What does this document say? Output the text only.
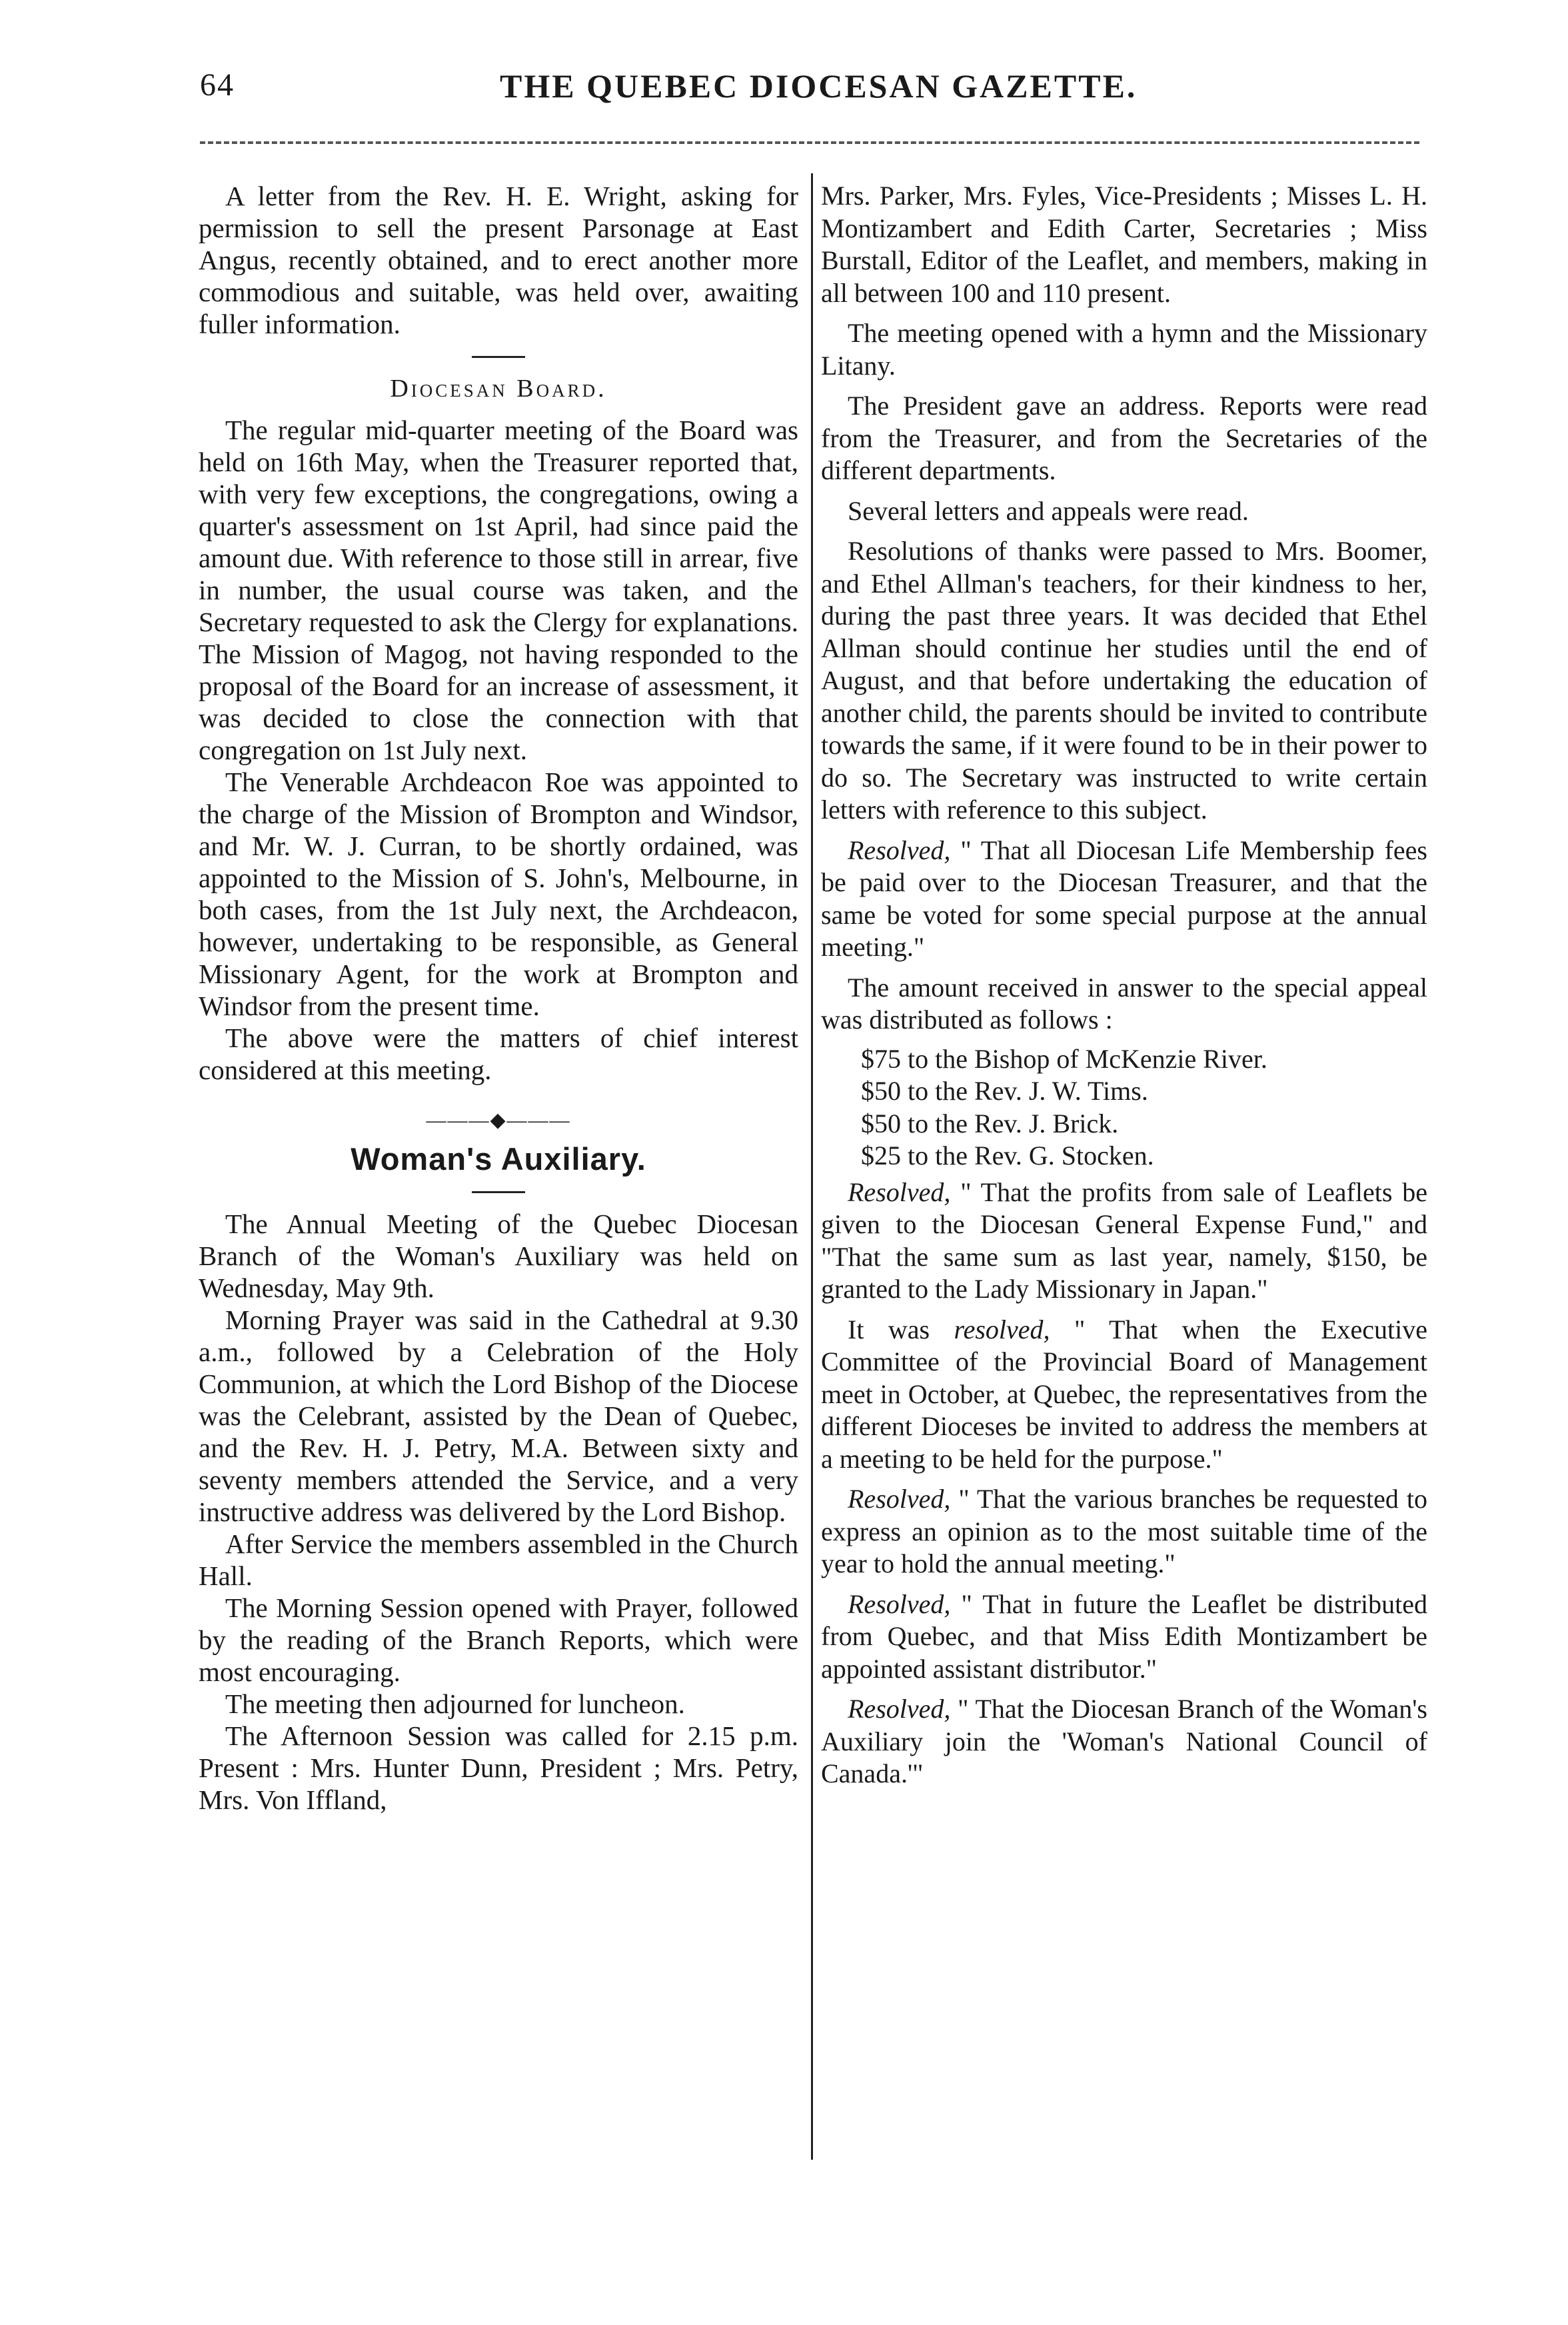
64	THE QUEBEC DIOCESAN GAZETTE.

A letter from the Rev. H. E. Wright, asking for permission to sell the present Parsonage at East Angus, recently obtained, and to erect another more commodious and suitable, was held over, awaiting fuller information.

Diocesan Board.

The regular mid-quarter meeting of the Board was held on 16th May, when the Treasurer reported that, with very few exceptions, the congregations, owing a quarter's assessment on 1st April, had since paid the amount due. With reference to those still in arrear, five in number, the usual course was taken, and the Secretary requested to ask the Clergy for explanations. The Mission of Magog, not having responded to the proposal of the Board for an increase of assessment, it was decided to close the connection with that congregation on 1st July next.

The Venerable Archdeacon Roe was appointed to the charge of the Mission of Brompton and Windsor, and Mr. W. J. Curran, to be shortly ordained, was appointed to the Mission of S. John's, Melbourne, in both cases, from the 1st July next, the Archdeacon, however, undertaking to be responsible, as General Missionary Agent, for the work at Brompton and Windsor from the present time.

The above were the matters of chief interest considered at this meeting.

———◆———

Woman's Auxiliary.

The Annual Meeting of the Quebec Diocesan Branch of the Woman's Auxiliary was held on Wednesday, May 9th.

Morning Prayer was said in the Cathedral at 9.30 a.m., followed by a Celebration of the Holy Communion, at which the Lord Bishop of the Diocese was the Celebrant, assisted by the Dean of Quebec, and the Rev. H. J. Petry, M.A. Between sixty and seventy members attended the Service, and a very instructive address was delivered by the Lord Bishop.

After Service the members assembled in the Church Hall.

The Morning Session opened with Prayer, followed by the reading of the Branch Reports, which were most encouraging.

The meeting then adjourned for luncheon.

The Afternoon Session was called for 2.15 p.m. Present : Mrs. Hunter Dunn, President ; Mrs. Petry, Mrs. Von Iffland,

Mrs. Parker, Mrs. Fyles, Vice-Presidents ; Misses L. H. Montizambert and Edith Carter, Secretaries ; Miss Burstall, Editor of the Leaflet, and members, making in all between 100 and 110 present.

The meeting opened with a hymn and the Missionary Litany.

The President gave an address. Reports were read from the Treasurer, and from the Secretaries of the different departments.

Several letters and appeals were read.

Resolutions of thanks were passed to Mrs. Boomer, and Ethel Allman's teachers, for their kindness to her, during the past three years. It was decided that Ethel Allman should continue her studies until the end of August, and that before undertaking the education of another child, the parents should be invited to contribute towards the same, if it were found to be in their power to do so. The Secretary was instructed to write certain letters with reference to this subject.

Resolved, " That all Diocesan Life Membership fees be paid over to the Diocesan Treasurer, and that the same be voted for some special purpose at the annual meeting."

The amount received in answer to the special appeal was distributed as follows :

$75 to the Bishop of McKenzie River.
$50 to the Rev. J. W. Tims.
$50 to the Rev. J. Brick.
$25 to the Rev. G. Stocken.

Resolved, " That the profits from sale of Leaflets be given to the Diocesan General Expense Fund," and "That the same sum as last year, namely, $150, be granted to the Lady Missionary in Japan."

It was resolved, " That when the Executive Committee of the Provincial Board of Management meet in October, at Quebec, the representatives from the different Dioceses be invited to address the members at a meeting to be held for the purpose."

Resolved, " That the various branches be requested to express an opinion as to the most suitable time of the year to hold the annual meeting."

Resolved, " That in future the Leaflet be distributed from Quebec, and that Miss Edith Montizambert be appointed assistant distributor."

Resolved, " That the Diocesan Branch of the Woman's Auxiliary join the 'Woman's National Council of Canada.'"
